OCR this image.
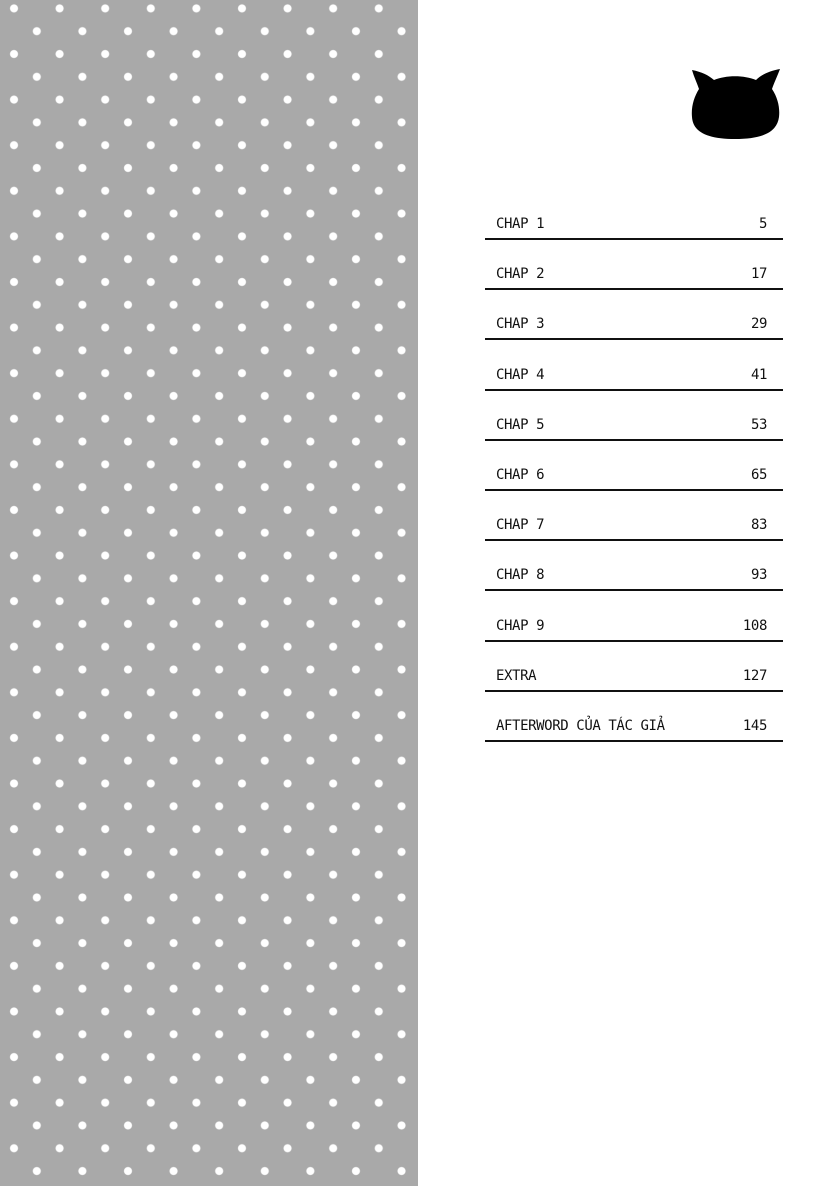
CHAP 1	5
CHAP 2	17
CHAP 3	29
CHAP 4	41
CHAP 5	53
CHAP 6	65
CHAP 7	83
CHAP 8	93
CHAP 9	108
EXTRA	127
AFTERWORD CỦA TÁC GIẢ	145
